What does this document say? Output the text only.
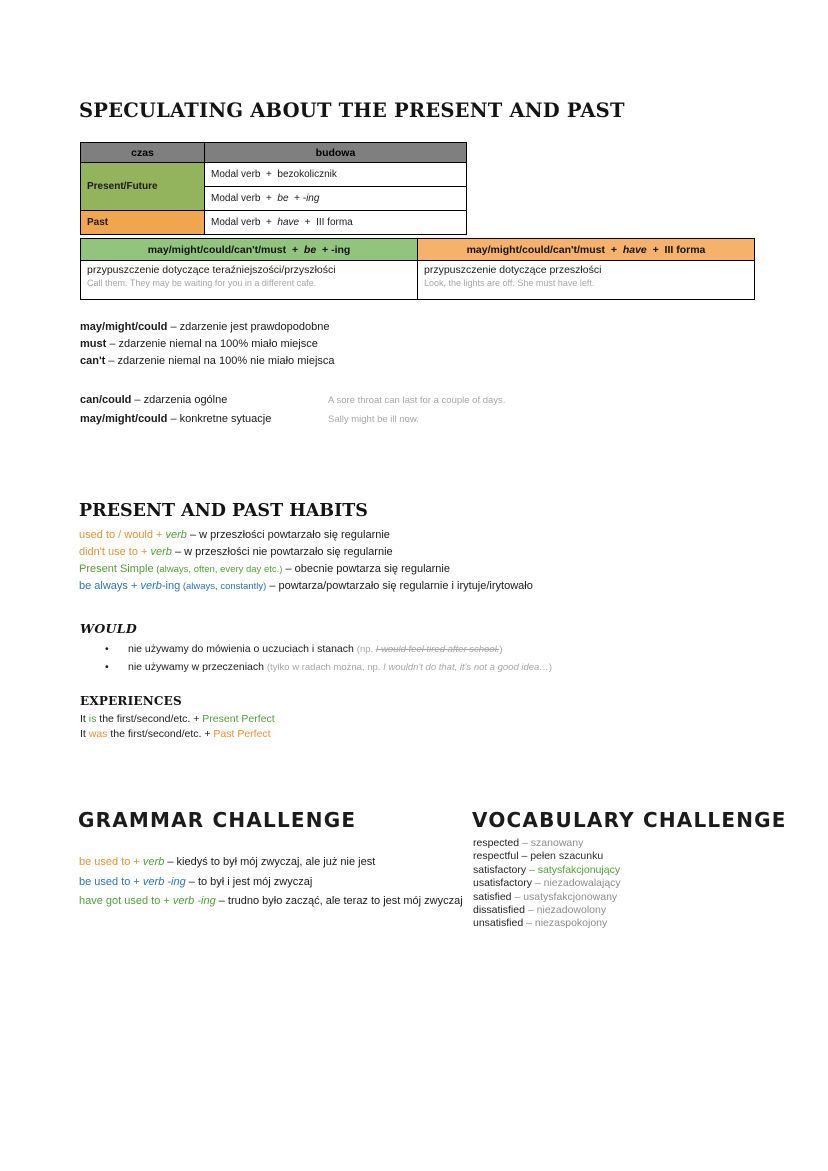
SPECULATING ABOUT THE PRESENT AND PAST
czas	budowa
Present/Future	Modal verb  +  bezokolicznik
	Modal verb  +  be  + -ing
Past	Modal verb  +  have  +  III forma
may/might/could/can't/must  +  be  + -ing	may/might/could/can't/must  +  have  +  III forma

przypuszczenie dotyczące teraźniejszości/przyszłości
Call them. They may be waiting for you in a different cafe.

przypuszczenie dotyczące przeszłości
Look, the lights are off. She must have left.
may/might/could – zdarzenie jest prawdopodobne
must – zdarzenie niemal na 100% miało miejsce
can't – zdarzenie niemal na 100% nie miało miejsca
can/could – zdarzenia ogólne	A sore throat can last for a couple of days.
may/might/could – konkretne sytuacje	Sally might be ill now.
PRESENT AND PAST HABITS
used to / would + verb – w przeszłości powtarzało się regularnie
didn't use to + verb – w przeszłości nie powtarzało się regularnie
Present Simple (always, often, every day etc.) – obecnie powtarza się regularnie
be always + verb-ing (always, constantly) – powtarza/powtarzało się regularnie i irytuje/irytowało
WOULD
• nie używamy do mówienia o uczuciach i stanach (np. I would feel tired after school.)
• nie używamy w przeczeniach (tylko w radach można, np. I wouldn't do that, it's not a good idea…)
EXPERIENCES
It is the first/second/etc. + Present Perfect
It was the first/second/etc. + Past Perfect
GRAMMAR CHALLENGE
be used to + verb – kiedyś to był mój zwyczaj, ale już nie jest
be used to + verb -ing – to był i jest mój zwyczaj
have got used to + verb -ing – trudno było zacząć, ale teraz to jest mój zwyczaj
VOCABULARY CHALLENGE
respected – szanowany
respectful – pełen szacunku
satisfactory – satysfakcjonujący
usatisfactory – niezadowalający
satisfied – usatysfakcjonowany
dissatisfied – niezadowolony
unsatisfied – niezaspokojony
